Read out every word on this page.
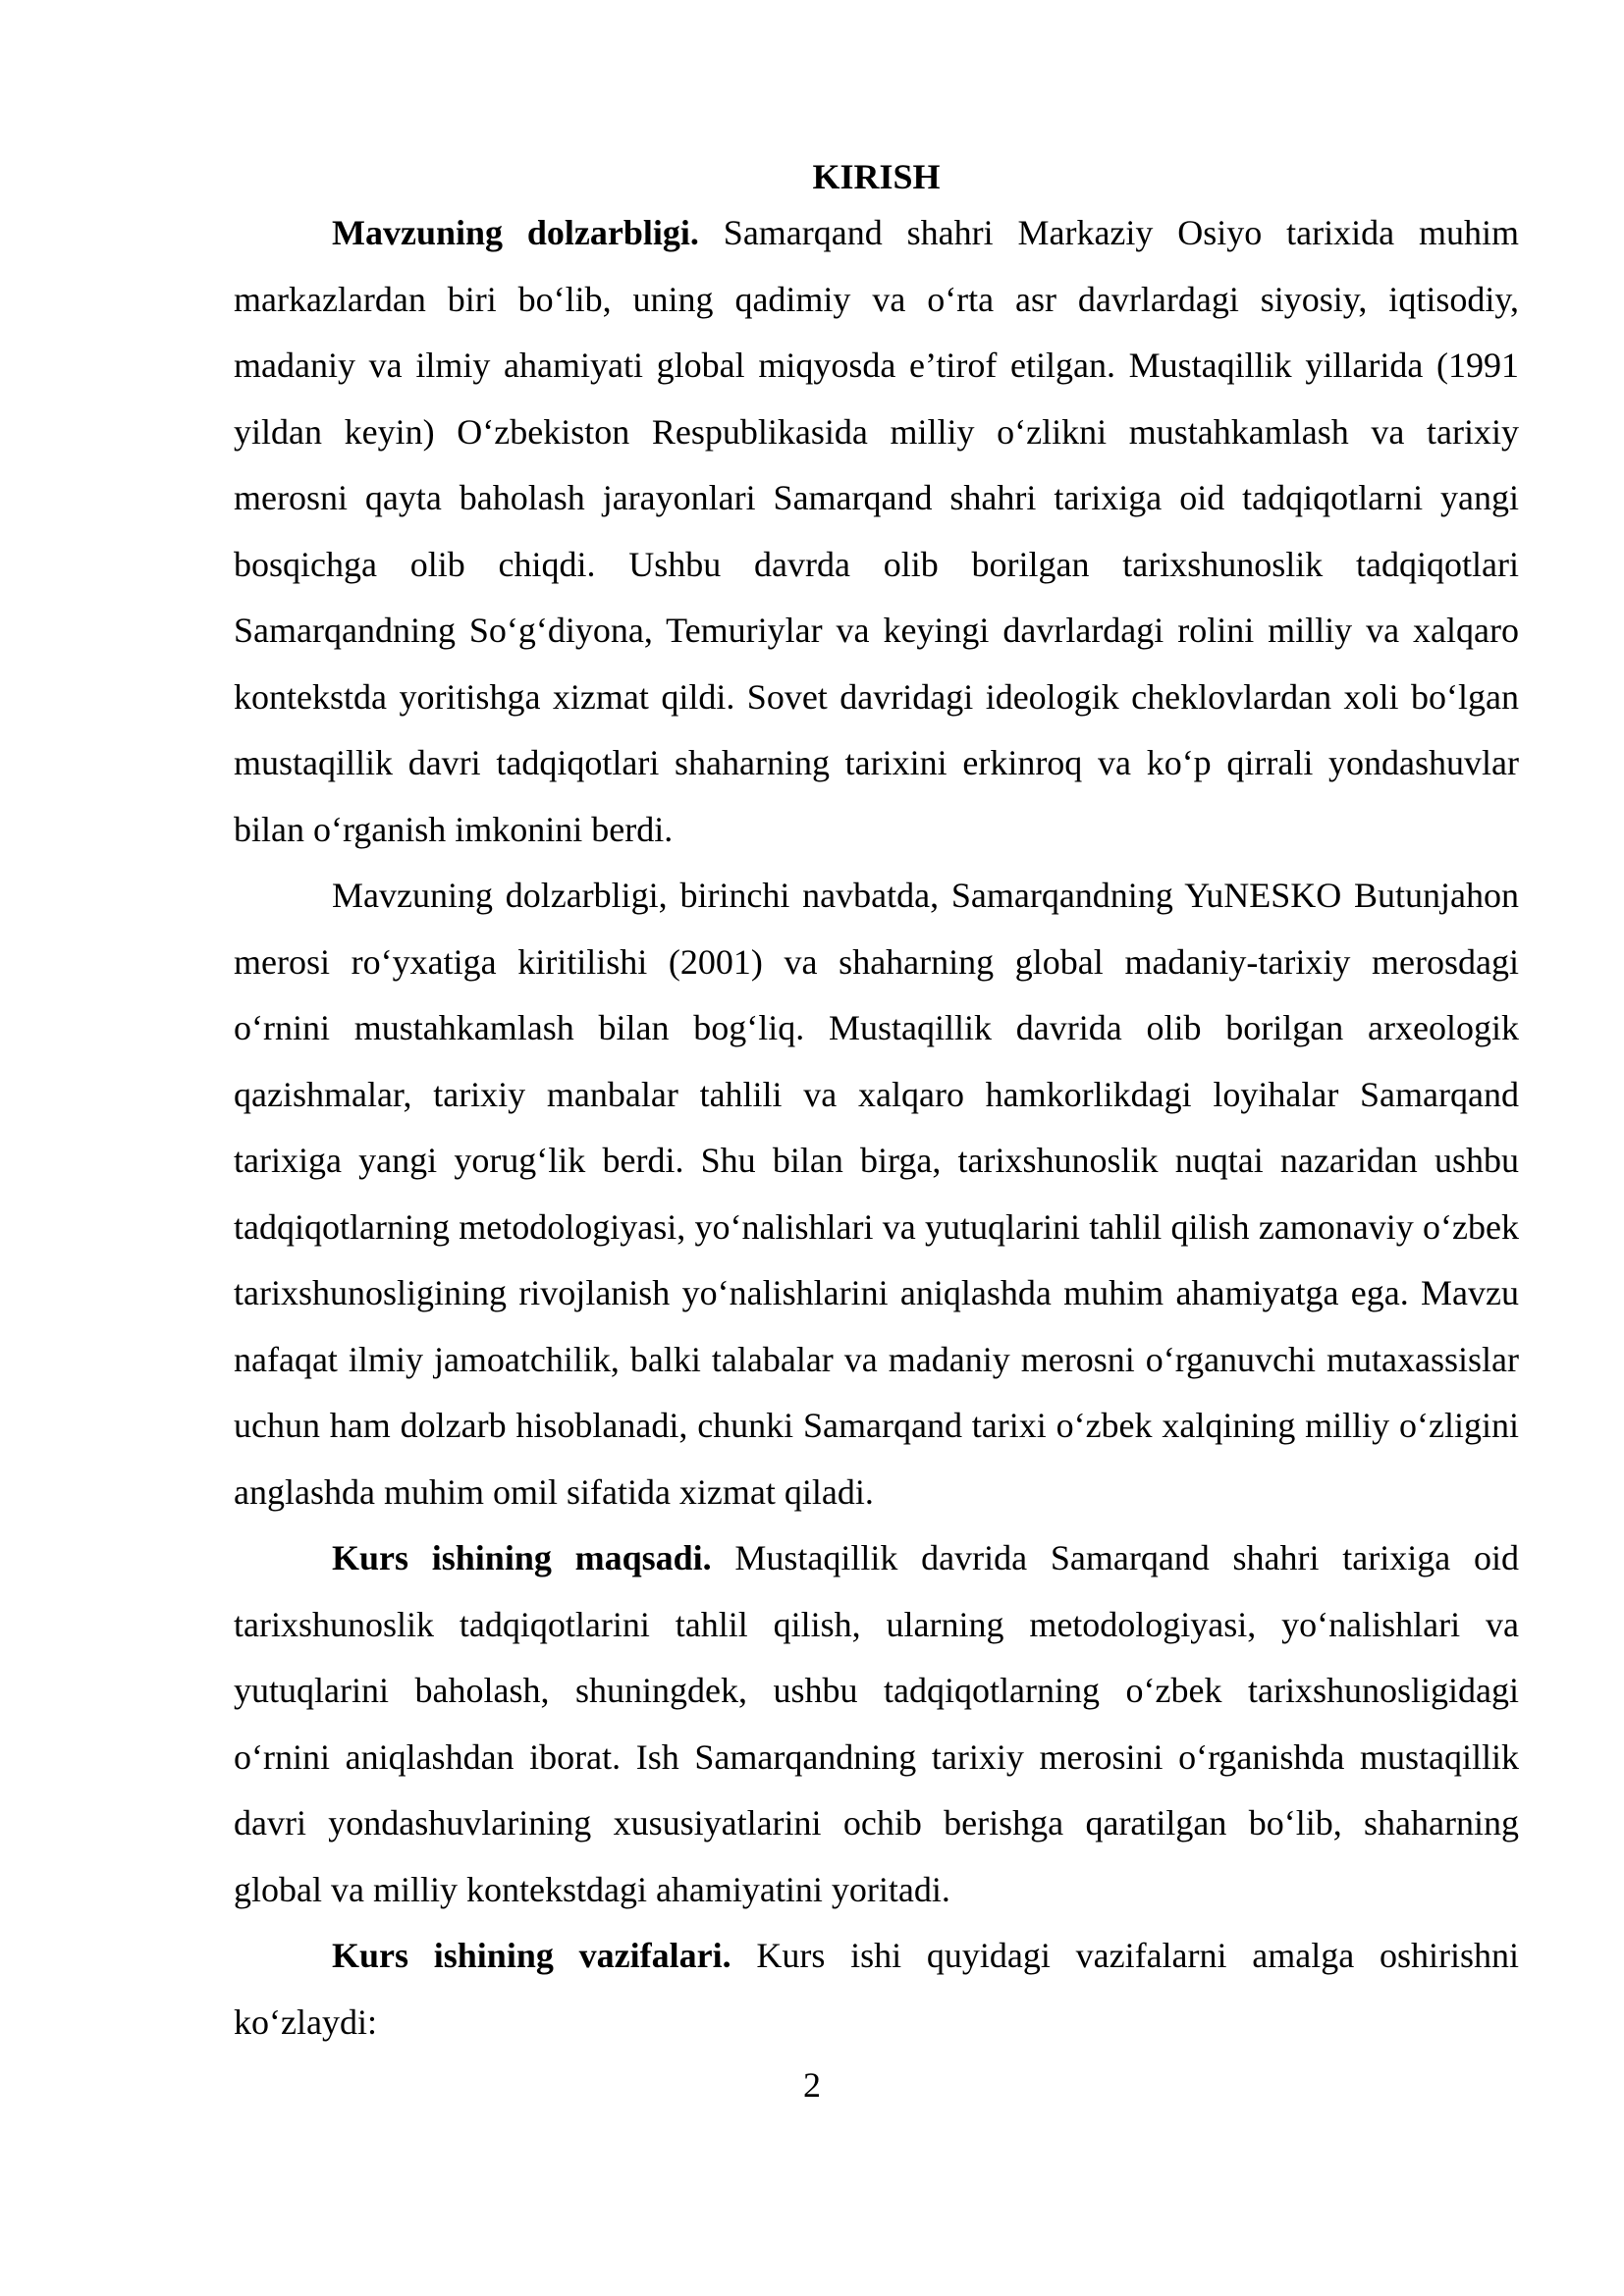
KIRISH

Mavzuning dolzarbligi. Samarqand shahri Markaziy Osiyo tarixida muhim markazlardan biri bo‘lib, uning qadimiy va o‘rta asr davrlardagi siyosiy, iqtisodiy, madaniy va ilmiy ahamiyati global miqyosda e’tirof etilgan. Mustaqillik yillarida (1991 yildan keyin) O‘zbekiston Respublikasida milliy o‘zlikni mustahkamlash va tarixiy merosni qayta baholash jarayonlari Samarqand shahri tarixiga oid tadqiqotlarni yangi bosqichga olib chiqdi. Ushbu davrda olib borilgan tarixshunoslik tadqiqotlari Samarqandning So‘g‘diyona, Temuriylar va keyingi davrlardagi rolini milliy va xalqaro kontekstda yoritishga xizmat qildi. Sovet davridagi ideologik cheklovlardan xoli bo‘lgan mustaqillik davri tadqiqotlari shaharning tarixini erkinroq va ko‘p qirrali yondashuvlar bilan o‘rganish imkonini berdi.

Mavzuning dolzarbligi, birinchi navbatda, Samarqandning YuNESKO Butunjahon merosi ro‘yxatiga kiritilishi (2001) va shaharning global madaniy-tarixiy merosdagi o‘rnini mustahkamlash bilan bog‘liq. Mustaqillik davrida olib borilgan arxeologik qazishmalar, tarixiy manbalar tahlili va xalqaro hamkorlikdagi loyihalar Samarqand tarixiga yangi yorug‘lik berdi. Shu bilan birga, tarixshunoslik nuqtai nazaridan ushbu tadqiqotlarning metodologiyasi, yo‘nalishlari va yutuqlarini tahlil qilish zamonaviy o‘zbek tarixshunosligining rivojlanish yo‘nalishlarini aniqlashda muhim ahamiyatga ega. Mavzu nafaqat ilmiy jamoatchilik, balki talabalar va madaniy merosni o‘rganuvchi mutaxassislar uchun ham dolzarb hisoblanadi, chunki Samarqand tarixi o‘zbek xalqining milliy o‘zligini anglashda muhim omil sifatida xizmat qiladi.

Kurs ishining maqsadi. Mustaqillik davrida Samarqand shahri tarixiga oid tarixshunoslik tadqiqotlarini tahlil qilish, ularning metodologiyasi, yo‘nalishlari va yutuqlarini baholash, shuningdek, ushbu tadqiqotlarning o‘zbek tarixshunosligidagi o‘rnini aniqlashdan iborat. Ish Samarqandning tarixiy merosini o‘rganishda mustaqillik davri yondashuvlarining xususiyatlarini ochib berishga qaratilgan bo‘lib, shaharning global va milliy kontekstdagi ahamiyatini yoritadi.

Kurs ishining vazifalari. Kurs ishi quyidagi vazifalarni amalga oshirishni ko‘zlaydi:

2
